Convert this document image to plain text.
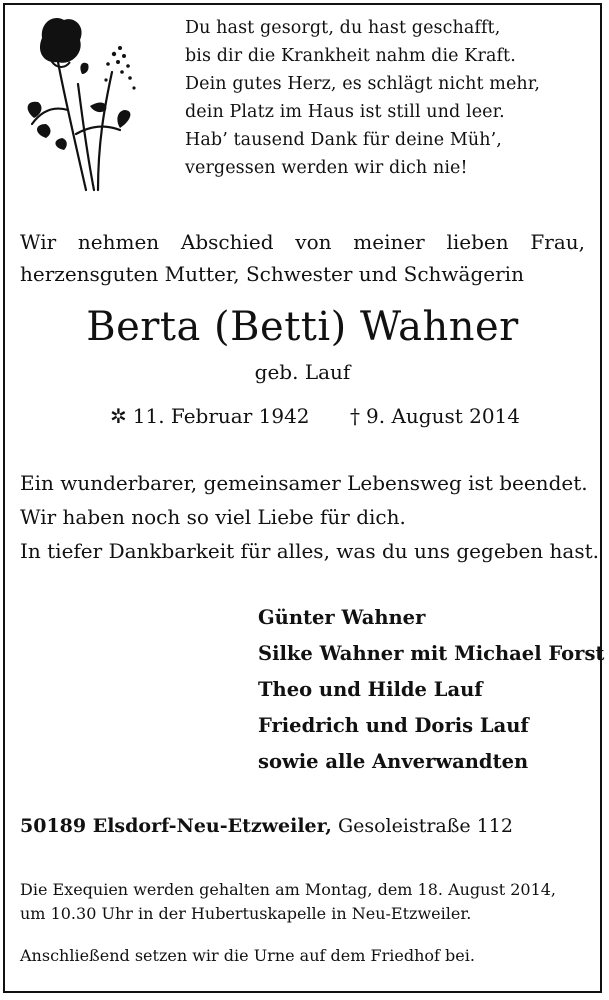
Du hast gesorgt, du hast geschafft,
bis dir die Krankheit nahm die Kraft.
Dein gutes Herz, es schlägt nicht mehr,
dein Platz im Haus ist still und leer.
Hab’ tausend Dank für deine Müh’,
vergessen werden wir dich nie!
Wir nehmen Abschied von meiner lieben Frau,
herzensguten Mutter, Schwester und Schwägerin
Berta (Betti) Wahner
geb. Lauf
✲ 11. Februar 1942 † 9. August 2014
Ein wunderbarer, gemeinsamer Lebensweg ist beendet.
Wir haben noch so viel Liebe für dich.
In tiefer Dankbarkeit für alles, was du uns gegeben hast.
Günter Wahner
Silke Wahner mit Michael Forst
Theo und Hilde Lauf
Friedrich und Doris Lauf
sowie alle Anverwandten
50189 Elsdorf-Neu-Etzweiler, Gesoleistraße 112
Die Exequien werden gehalten am Montag, dem 18. August 2014,
um 10.30 Uhr in der Hubertuskapelle in Neu-Etzweiler.
Anschließend setzen wir die Urne auf dem Friedhof bei.
